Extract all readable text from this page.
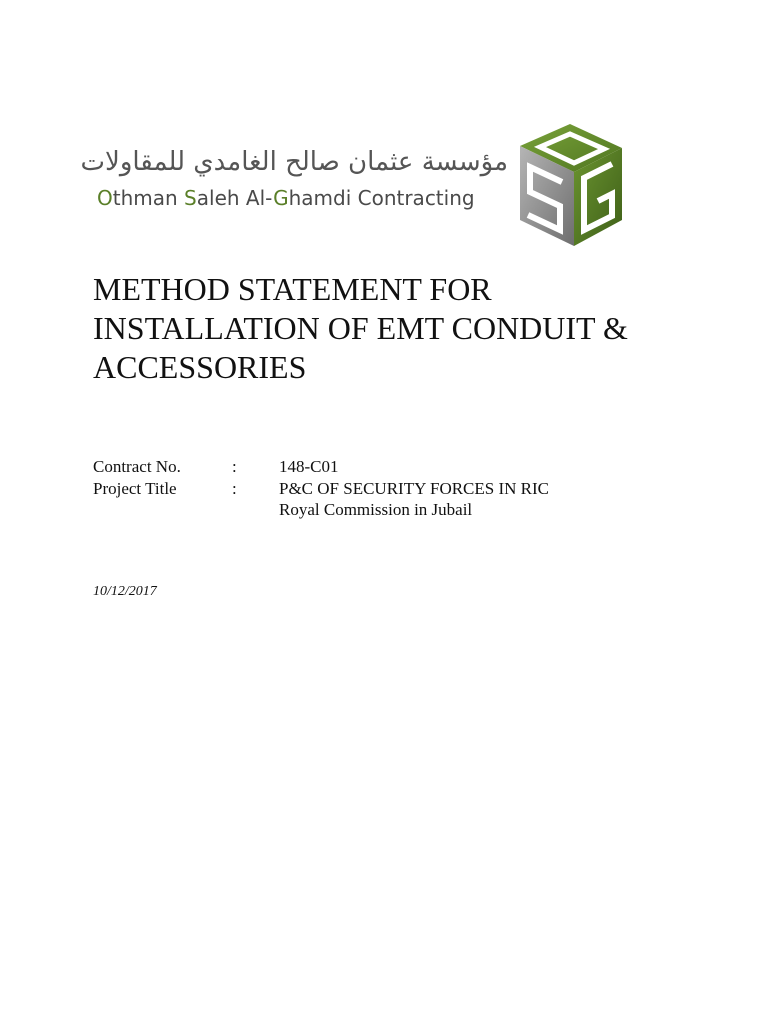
مؤسسة عثمان صالح الغامدي للمقاولات
Othman Saleh Al-Ghamdi Contracting
METHOD STATEMENT FOR
INSTALLATION OF EMT CONDUIT &
ACCESSORIES
Contract No.	: 148-C01
Project Title	: P&C OF SECURITY FORCES IN RIC
Royal Commission in Jubail
10/12/2017
